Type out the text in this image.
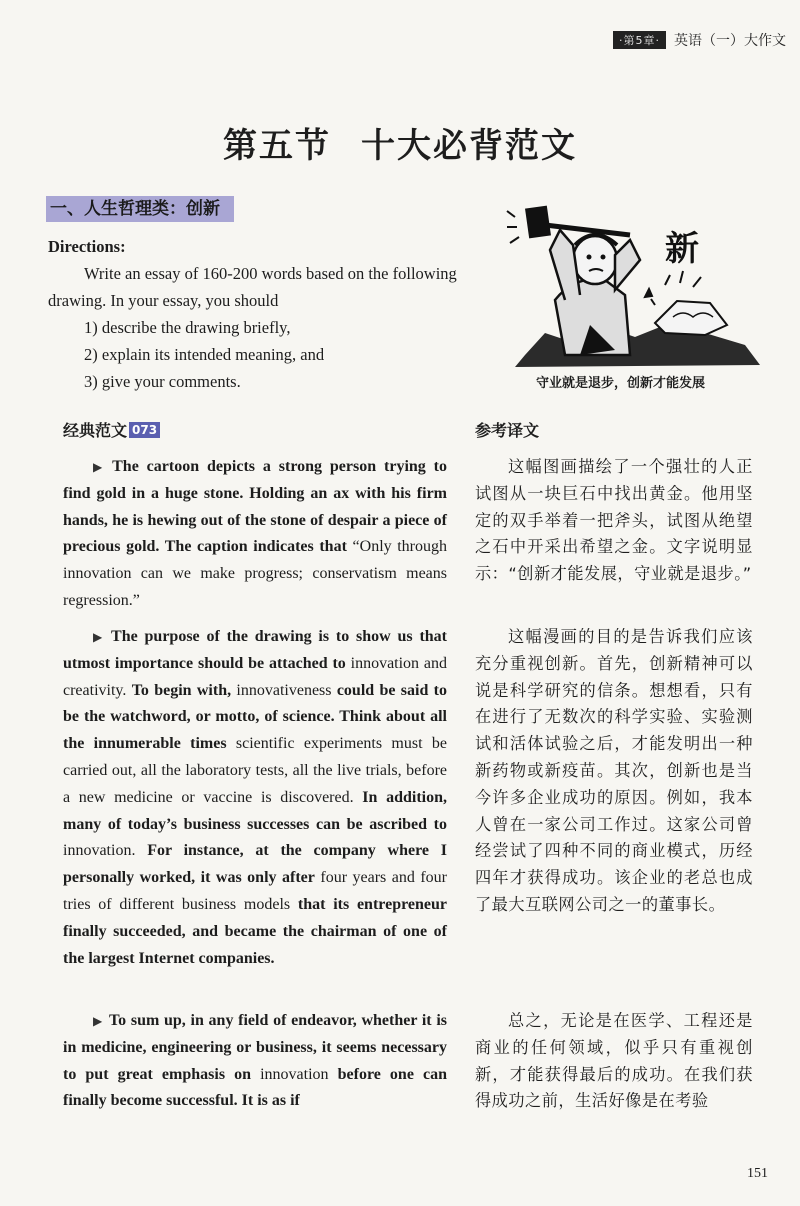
·第5章·	英语（一）大作文
第五节 十大必背范文
一、人生哲理类：创新
Directions:
Write an essay of 160-200 words based on the following drawing. In your essay, you should
1) describe the drawing briefly,
2) explain its intended meaning, and
3) give your comments.
新
守业就是退步，创新才能发展
经典范文 073	参考译文

▶ The cartoon depicts a strong person trying to find gold in a huge stone. Holding an ax with his firm hands, he is hewing out of the stone of despair a piece of precious gold. The caption indicates that “Only through innovation can we make progress; conservatism means regression.”

▶ The purpose of the drawing is to show us that utmost importance should be attached to innovation and creativity. To begin with, innovativeness could be said to be the watchword, or motto, of science. Think about all the innumerable times scientific experiments must be carried out, all the laboratory tests, all the live trials, before a new medicine or vaccine is discovered. In addition, many of today’s business successes can be ascribed to innovation. For instance, at the company where I personally worked, it was only after four years and four tries of different business models that its entrepreneur finally succeeded, and became the chairman of one of the largest Internet companies.

▶ To sum up, in any field of endeavor, whether it is in medicine, engineering or business, it seems necessary to put great emphasis on innovation before one can finally become successful. It is as if

这幅图画描绘了一个强壮的人正试图从一块巨石中找出黄金。他用坚定的双手举着一把斧头，试图从绝望之石中开采出希望之金。文字说明显示：“创新才能发展，守业就是退步。”

这幅漫画的目的是告诉我们应该充分重视创新。首先，创新精神可以说是科学研究的信条。想想看，只有在进行了无数次的科学实验、实验测试和活体试验之后，才能发明出一种新药物或新疫苗。其次，创新也是当今许多企业成功的原因。例如，我本人曾在一家公司工作过。这家公司曾经尝试了四种不同的商业模式，历经四年才获得成功。该企业的老总也成了最大互联网公司之一的董事长。

总之，无论是在医学、工程还是商业的任何领域，似乎只有重视创新，才能获得最后的成功。在我们获得成功之前，生活好像是在考验

151
